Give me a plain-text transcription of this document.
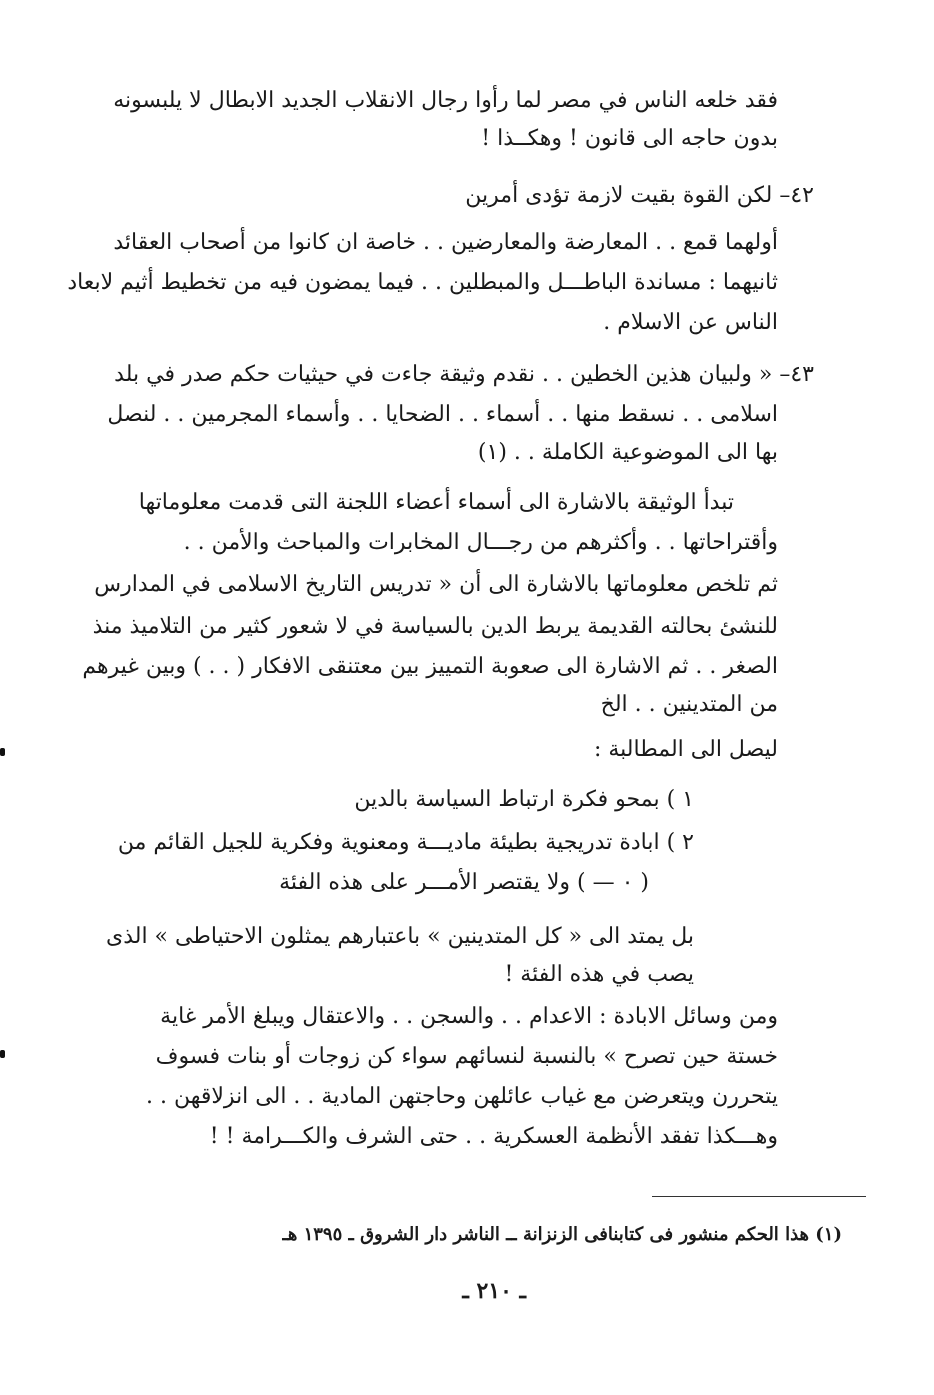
فقد خلعه الناس في مصر لما رأوا رجال الانقلاب الجديد الابطال لا يلبسونه
بدون حاجه الى قانون ! وهكــذا !
٤٢– لكن القوة بقيت لازمة تؤدى أمرين
أولهما قمع . . المعارضة والمعارضين . . خاصة ان كانوا من أصحاب العقائد
ثانيهما : مساندة الباطـــل والمبطلين . . فيما يمضون فيه من تخطيط أثيم لابعاد
الناس عن الاسلام .
٤٣– « ولبيان هذين الخطين . . نقدم وثيقة جاءت في حيثيات حكم صدر في بلد
اسلامى . . نسقط منها . . أسماء . . الضحايا . . وأسماء المجرمين . . لنصل
بها الى الموضوعية الكاملة . . (١)
تبدأ الوثيقة بالاشارة الى أسماء أعضاء اللجنة التى قدمت معلوماتها
وأقتراحاتها . . وأكثرهم من رجـــال المخابرات والمباحث والأمن . .
ثم تلخص معلوماتها بالاشارة الى أن « تدريس التاريخ الاسلامى في المدارس
للنشئ بحالته القديمة يربط الدين بالسياسة في لا شعور كثير من التلاميذ منذ
الصغر . . ثم الاشارة الى صعوبة التمييز بين معتنقى الافكار ( . . ) وبين غيرهم
من المتدينين . . الخ
ليصل الى المطالبة :
١ ) بمحو فكرة ارتباط السياسة بالدين
٢ ) ابادة تدريجية بطيئة ماديـــة ومعنوية وفكرية للجيل القائم من
( ٠ — ) ولا يقتصر الأمـــر على هذه الفئة
بل يمتد الى « كل المتدينين » باعتبارهم يمثلون الاحتياطى » الذى
يصب في هذه الفئة !
ومن وسائل الابادة : الاعدام . . والسجن . . والاعتقال ويبلغ الأمر غاية
خستة حين تصرح » بالنسبة لنسائهم سواء كن زوجات أو بنات فسوف
يتحررن ويتعرضن مع غياب عائلهن وحاجتهن المادية . . الى انزلاقهن . .
وهـــكذا تفقد الأنظمة العسكرية . . حتى الشرف والكـــرامة ! !
(١) هذا الحكم منشور فى كتابنافى الزنزانة ــ الناشر دار الشروق ـ ١٣٩٥ هـ
ـ ٢١٠ ـ
